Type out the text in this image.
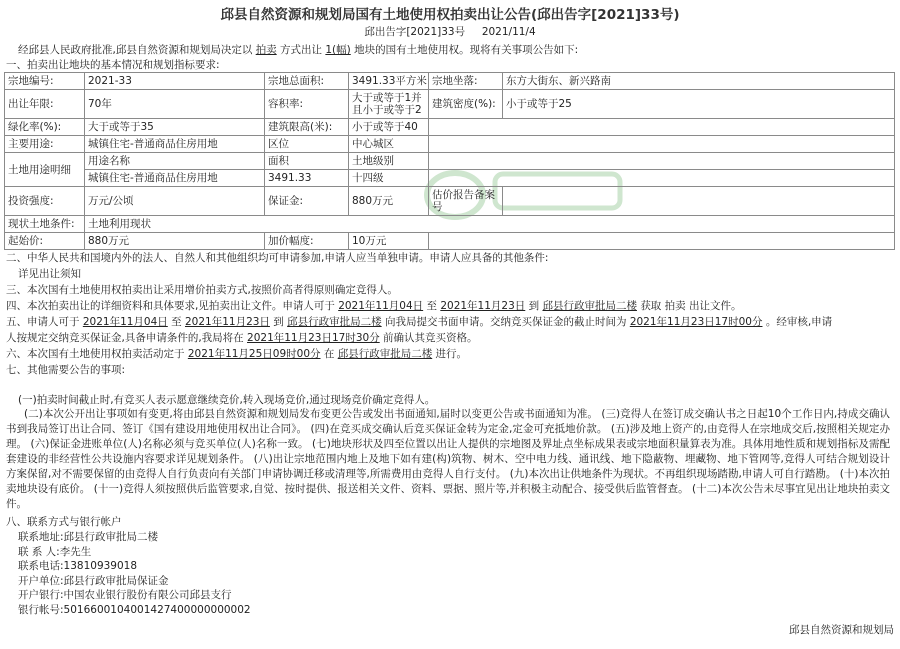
邱县自然资源和规划局国有土地使用权拍卖出让公告(邱出告字[2021]33号)
邱出告字[2021]33号 2021/11/4
经邱县人民政府批准,邱县自然资源和规划局决定以 拍卖 方式出让 1(幅) 地块的国有土地使用权。现将有关事项公告如下:
一、拍卖出让地块的基本情况和规划指标要求:
宗地编号:	2021-33	宗地总面积:	3491.33平方米	宗地坐落:	东方大街东、新兴路南
出让年限:	70年	容积率:	大于或等于1并且小于或等于2	建筑密度(%):	小于或等于25
绿化率(%):	大于或等于35	建筑限高(米):	小于或等于40		
主要用途:	城镇住宅-普通商品住房用地	区位	中心城区		
土地用途明细	用途名称	面积	土地级别		
	城镇住宅-普通商品住房用地	3491.33	十四级		
投资强度:	万元/公顷	保证金:	880万元	估价报告备案号	
现状土地条件:	土地利用现状				
起始价:	880万元	加价幅度:	10万元		
二、中华人民共和国境内外的法人、自然人和其他组织均可申请参加,申请人应当单独申请。申请人应具备的其他条件:
详见出让须知
三、本次国有土地使用权拍卖出让采用增价拍卖方式,按照价高者得原则确定竞得人。
四、本次拍卖出让的详细资料和具体要求,见拍卖出让文件。申请人可于 2021年11月04日 至 2021年11月23日 到 邱县行政审批局二楼 获取 拍卖 出让文件。
五、申请人可于 2021年11月04日 至 2021年11月23日 到 邱县行政审批局二楼 向我局提交书面申请。交纳竞买保证金的截止时间为 2021年11月23日17时00分 。经审核,申请
人按规定交纳竞买保证金,具备申请条件的,我局将在 2021年11月23日17时30分 前确认其竞买资格。
六、本次国有土地使用权拍卖活动定于 2021年11月25日09时00分 在 邱县行政审批局二楼 进行。
七、其他需要公告的事项:
(一)拍卖时间截止时,有竞买人表示愿意继续竞价,转入现场竞价,通过现场竞价确定竞得人。
(二)本次公开出让事项如有变更,将由邱县自然资源和规划局发布变更公告或发出书面通知,届时以变更公告或书面通知为准。 (三)竞得人在签订成交确认书之日起10个工作日内,持成交确认书到我局签订出让合同、签订《国有建设用地使用权出让合同》。 (四)在竞买成交确认后竞买保证金转为定金,定金可充抵地价款。 (五)涉及地上资产的,由竞得人在宗地成交后,按照相关规定办理。 (六)保证金进账单位(人)名称必须与竞买单位(人)名称一致。 (七)地块形状及四至位置以出让人提供的宗地图及界址点坐标成果表或宗地面积量算表为准。具体用地性质和规划指标及需配套建设的非经营性公共设施内容要求详见规划条件。 (八)出让宗地范围内地上及地下如有建(构)筑物、树木、空中电力线、通讯线、地下隐蔽物、埋藏物、地下管网等,竞得人可结合规划设计方案保留,对不需要保留的由竞得人自行负责向有关部门申请协调迁移或清理等,所需费用由竞得人自行支付。 (九)本次出让供地条件为现状。不再组织现场踏勘,申请人可自行踏勘。 (十)本次拍卖地块设有底价。 (十一)竞得人须按照供后监管要求,自觉、按时提供、报送相关文件、资料、票据、照片等,并积极主动配合、接受供后监管督查。 (十二)本次公告未尽事宜见出让地块拍卖文件。
八、联系方式与银行帐户
联系地址:邱县行政审批局二楼
联 系 人:李先生
联系电话:13810939018
开户单位:邱县行政审批局保证金
开户银行:中国农业银行股份有限公司邱县支行
银行帐号:5016600104001427400000000002
邱县自然资源和规划局
